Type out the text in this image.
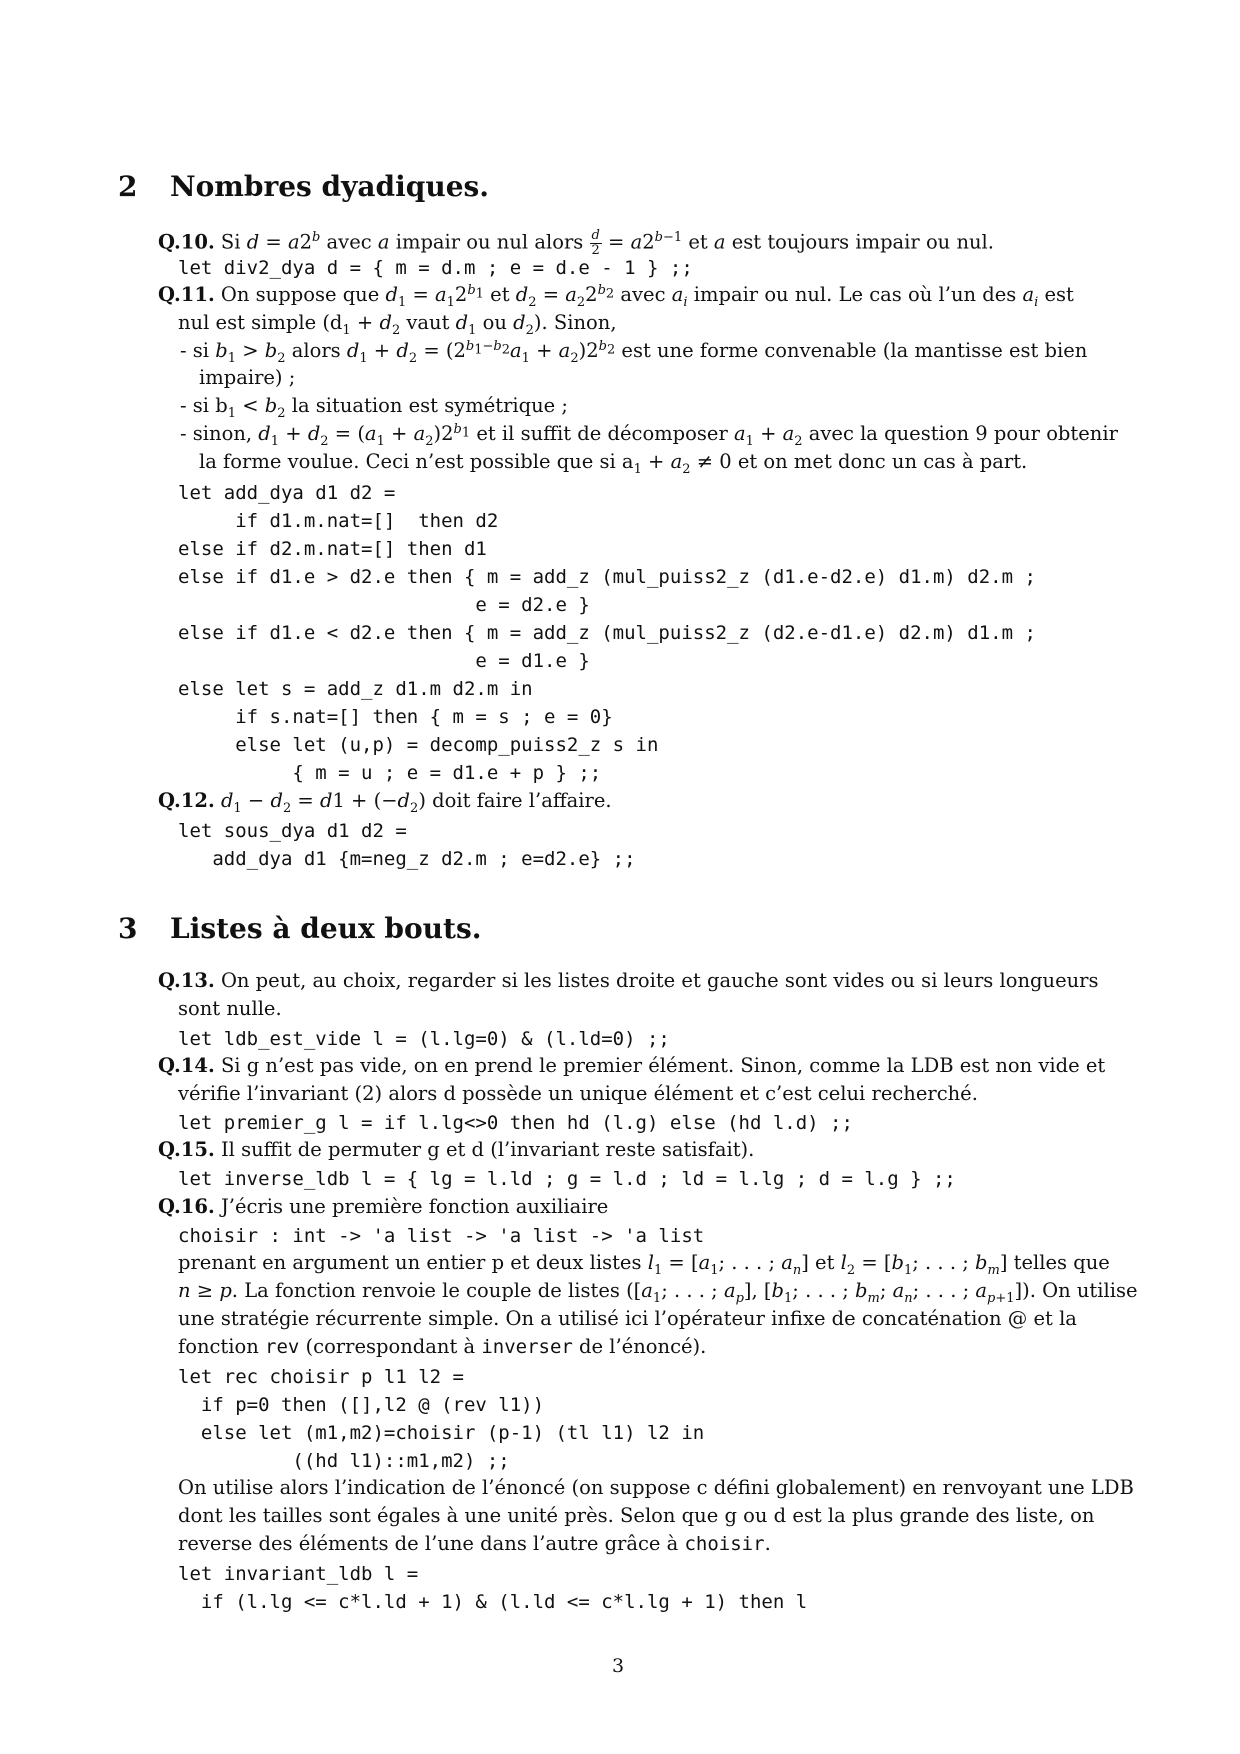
2 Nombres dyadiques.
Q.10. Si $d = a2^b$ avec a impair ou nul alors $\frac{d}{2} = a2^{b-1}$ et a est toujours impair ou nul.
let div2_dya d = { m = d.m ; e = d.e - 1 } ;;
Q.11. On suppose que $d_1 = a_12^{b_1}$ et $d_2 = a_22^{b_2}$ avec $a_i$ impair ou nul. Le cas où l’un des $a_i$ est
nul est simple ($d_1 + d_2$ vaut $d_1$ ou $d_2$). Sinon,
- si $b_1 > b_2$ alors $d_1 + d_2 = (2^{b_1-b_2}a_1 + a_2)2^{b_2}$ est une forme convenable (la mantisse est bien
impaire) ;
- si $b_1 < b_2$ la situation est symétrique ;
- sinon, $d_1 + d_2 = (a_1 + a_2)2^{b_1}$ et il suffit de décomposer $a_1 + a_2$ avec la question 9 pour obtenir
la forme voulue. Ceci n’est possible que si $a_1 + a_2 \ne 0$ et on met donc un cas à part.
let add_dya d1 d2 =
if d1.m.nat=[]  then d2
else if d2.m.nat=[] then d1
else if d1.e > d2.e then { m = add_z (mul_puiss2_z (d1.e-d2.e) d1.m) d2.m ;
e = d2.e }
else if d1.e < d2.e then { m = add_z (mul_puiss2_z (d2.e-d1.e) d2.m) d1.m ;
e = d1.e }
else let s = add_z d1.m d2.m in
if s.nat=[] then { m = s ; e = 0}
else let (u,p) = decomp_puiss2_z s in
{ m = u ; e = d1.e + p } ;;
Q.12. $d_1 - d_2 = d1 + (-d_2)$ doit faire l’affaire.
let sous_dya d1 d2 =
add_dya d1 {m=neg_z d2.m ; e=d2.e} ;;
3 Listes à deux bouts.
Q.13. On peut, au choix, regarder si les listes droite et gauche sont vides ou si leurs longueurs
sont nulle.
let ldb_est_vide l = (l.lg=0) & (l.ld=0) ;;
Q.14. Si g n’est pas vide, on en prend le premier élément. Sinon, comme la LDB est non vide et
vérifie l’invariant (2) alors d possède un unique élément et c’est celui recherché.
let premier_g l = if l.lg<>0 then hd (l.g) else (hd l.d) ;;
Q.15. Il suffit de permuter g et d (l’invariant reste satisfait).
let inverse_ldb l = { lg = l.ld ; g = l.d ; ld = l.lg ; d = l.g } ;;
Q.16. J’écris une première fonction auxiliaire
choisir : int -> 'a list -> 'a list -> 'a list
prenant en argument un entier p et deux listes $l_1 = [a_1$; . . . ; $a_n$] et $l_2 = [b_1$; . . . ; $b_m$] telles que
n ≥ p. La fonction renvoie le couple de listes ([$a_1$; . . . ; $a_p$], [$b_1$; . . . ; $b_m$; $a_n$; . . . ; $a_{p+1}$]). On utilise
une stratégie récurrente simple. On a utilisé ici l’opérateur infixe de concaténation @ et la
fonction rev (correspondant à inverser de l’énoncé).
let rec choisir p l1 l2 =
if p=0 then ([],l2 @ (rev l1))
else let (m1,m2)=choisir (p-1) (tl l1) l2 in
((hd l1)::m1,m2) ;;
On utilise alors l’indication de l’énoncé (on suppose c défini globalement) en renvoyant une LDB
dont les tailles sont égales à une unité près. Selon que g ou d est la plus grande des liste, on
reverse des éléments de l’une dans l’autre grâce à choisir.
let invariant_ldb l =
if (l.lg <= c*l.ld + 1) & (l.ld <= c*l.lg + 1) then l
3
